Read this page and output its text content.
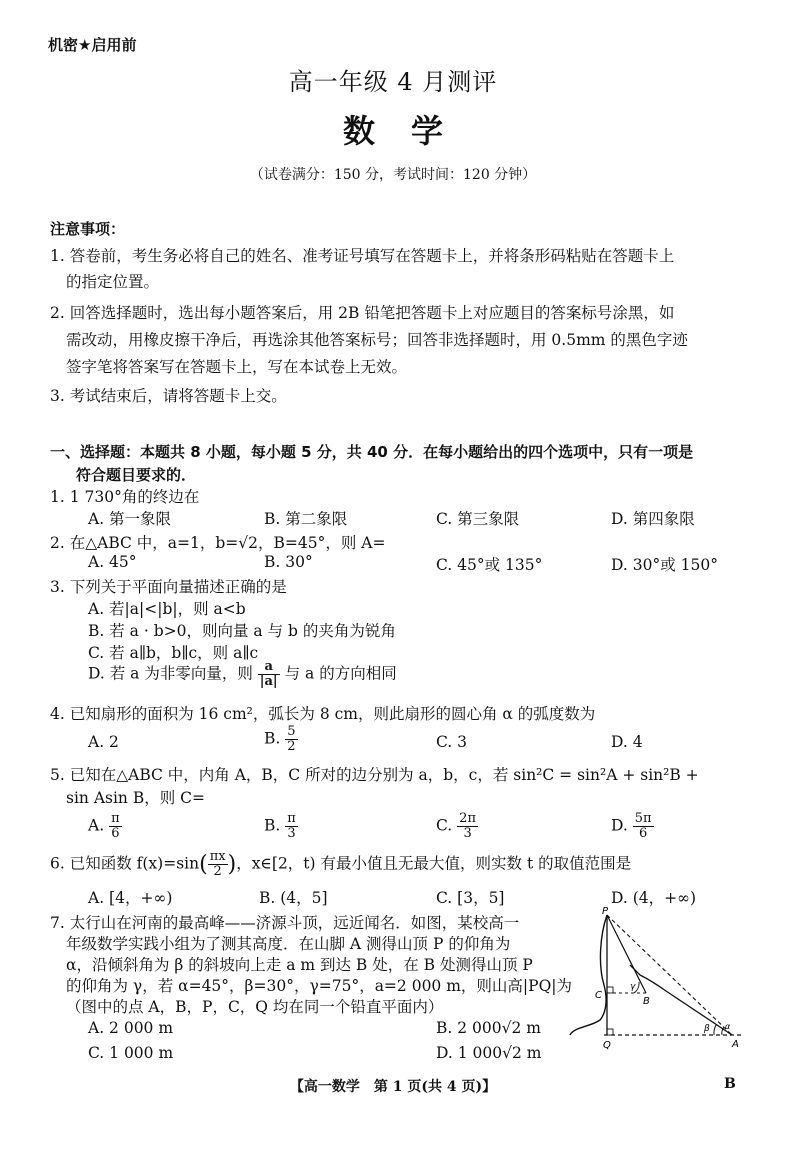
机密★启用前
高一年级 4 月测评
数学
（试卷满分：150 分，考试时间：120 分钟）
注意事项：
1. 答卷前，考生务必将自己的姓名、准考证号填写在答题卡上，并将条形码粘贴在答题卡上
的指定位置。
2. 回答选择题时，选出每小题答案后，用 2B 铅笔把答题卡上对应题目的答案标号涂黑，如
需改动，用橡皮擦干净后，再选涂其他答案标号；回答非选择题时，用 0.5mm 的黑色字迹
签字笔将答案写在答题卡上，写在本试卷上无效。
3. 考试结束后，请将答题卡上交。
一、选择题：本题共 8 小题，每小题 5 分，共 40 分．在每小题给出的四个选项中，只有一项是
符合题目要求的．
1. 1 730°角的终边在
A. 第一象限	B. 第二象限	C. 第三象限	D. 第四象限
2. 在△ABC 中，a=1，b=√2，B=45°，则 A=
A. 45°	B. 30°	C. 45°或 135°	D. 30°或 150°
3. 下列关于平面向量描述正确的是
A. 若|a|<|b|，则 a<b
B. 若 a · b>0，则向量 a 与 b 的夹角为锐角
C. 若 a∥b，b∥c，则 a∥c
D. 若 a 为非零向量，则 $\frac{a}{|a|}$ 与 a 的方向相同
4. 已知扇形的面积为 16 cm²，弧长为 8 cm，则此扇形的圆心角 α 的弧度数为
A. 2	B. $\frac{5}{2}$	C. 3	D. 4
5. 已知在△ABC 中，内角 A，B，C 所对的边分别为 a，b，c，若 sin²C = sin²A + sin²B +
sin Asin B，则 C=
A. $\frac{\pi}{6}$	B. $\frac{\pi}{3}$	C. $\frac{2\pi}{3}$	D. $\frac{5\pi}{6}$
6. 已知函数 $f(x)=\sin( \frac{\pi x}{2}$ )，x∈[2，t) 有最小值且无最大值，则实数 t 的取值范围是
A. [4，+∞)	B. (4，5]	C. [3，5]	D. (4，+∞)
7. 太行山在河南的最高峰——济源斗顶，远近闻名．如图，某校高一
年级数学实践小组为了测其高度．在山脚 A 测得山顶 P 的仰角为
α，沿倾斜角为 β 的斜坡向上走 a m 到达 B 处，在 B 处测得山顶 P
的仰角为 γ，若 α=45°，β=30°，γ=75°，a=2 000 m，则山高|PQ|为
（图中的点 A，B，P，C，Q 均在同一个铅直平面内）
A. 2 000 m	B. 2 000√2 m
C. 1 000 m	D. 1 000√2 m
P
C
B
Q	A
γ
β α
【高一数学　第 1 页(共 4 页)】	B
